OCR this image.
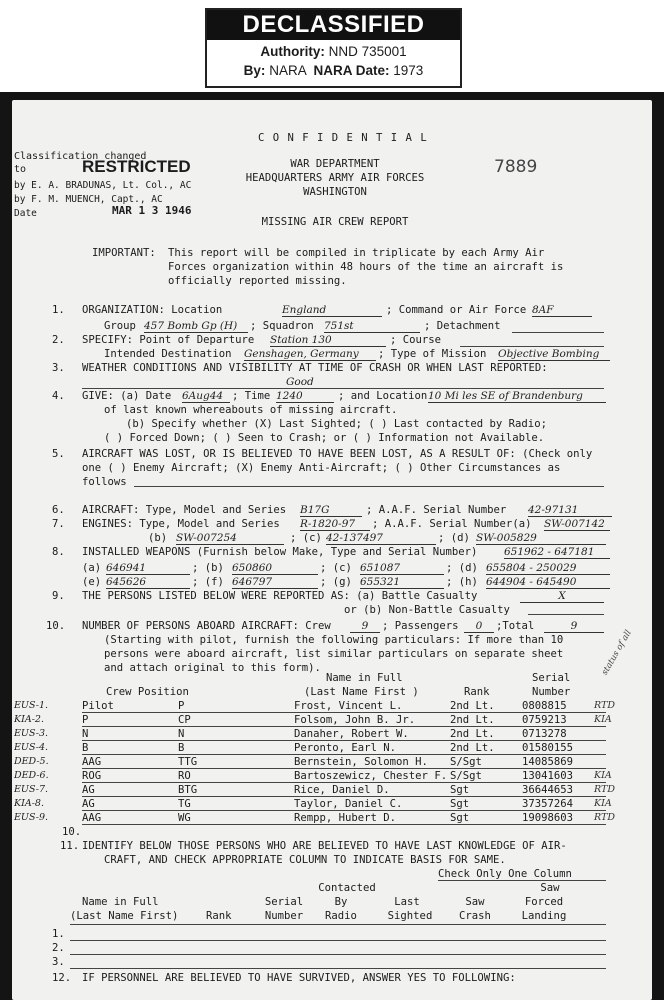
DECLASSIFIED
Authority: NND 735001
By: NARA NARA Date: 1973
C O N F I D E N T I A L
Classification changed
to	RESTRICTED
by E. A. BRADUNAS, Lt. Col., AC
by F. M. MUENCH, Capt., AC
Date	MAR 1 3 1946
WAR DEPARTMENT
HEADQUARTERS ARMY AIR FORCES
WASHINGTON
MISSING AIR CREW REPORT
7889
IMPORTANT: This report will be compiled in triplicate by each Army Air
Forces organization within 48 hours of the time an aircraft is
officially reported missing.
1. ORGANIZATION: Location	England	; Command or Air Force 8AF
Group 457 Bomb Gp (H)	; Squadron 751st	; Detachment
2. SPECIFY: Point of Departure Station 130	; Course
Intended Destination Genshagen, Germany	; Type of Mission Objective Bombing
3. WEATHER CONDITIONS AND VISIBILITY AT TIME OF CRASH OR WHEN LAST REPORTED:
Good
4. GIVE: (a) Date 6Aug44 ; Time 1240	; and Location 10 Mi les SE of Brandenburg
of last known whereabouts of missing aircraft.
(b) Specify whether (X) Last Sighted; ( ) Last contacted by Radio;
( ) Forced Down; ( ) Seen to Crash; or ( ) Information not Available.
5. AIRCRAFT WAS LOST, OR IS BELIEVED TO HAVE BEEN LOST, AS A RESULT OF: (Check only
one ( ) Enemy Aircraft; (X) Enemy Anti-Aircraft; ( ) Other Circumstances as
follows
6. AIRCRAFT: Type, Model and Series B17G	; A.A.F. Serial Number 42-97131
7. ENGINES: Type, Model and Series R-1820-97	; A.A.F. Serial Number(a) SW-007142
(b) SW-007254	; (c) 42-137497	; (d) SW-005829
8. INSTALLED WEAPONS (Furnish below Make, Type and Serial Number)	651962 - 647181
(a) 646941	; (b) 650860	; (c) 651087	; (d) 655804 - 250029
(e) 645626	; (f) 646797	; (g) 655321	; (h) 644904 - 645490
9. THE PERSONS LISTED BELOW WERE REPORTED AS: (a) Battle Casualty	X
or (b) Non-Battle Casualty
10. NUMBER OF PERSONS ABOARD AIRCRAFT: Crew	9	; Passengers	0	;Total	9
(Starting with pilot, furnish the following particulars: If more than 10
persons were aboard aircraft, list similar particulars on separate sheet
and attach original to this form).	status of all
Name in Full	Serial
Crew Position	(Last Name First )	Rank	Number
EUS-1.	Pilot	P	Frost, Vincent L.	2nd Lt.	0808815	RTD
KIA-2.	P	CP	Folsom, John B. Jr.	2nd Lt.	0759213	KIA
EUS-3.	N	N	Danaher, Robert W.	2nd Lt.	0713278
EUS-4.	B	B	Peronto, Earl N.	2nd Lt.	01580155
DED-5.	AAG	TTG	Bernstein, Solomon H. S/Sgt	14085869
DED-6.	ROG	RO	Bartoszewicz, Chester F. S/Sgt	13041603 KIA
EUS-7.	AG	BTG	Rice, Daniel D.	Sgt	36644653 RTD
KIA-8.	AG	TG	Taylor, Daniel C.	Sgt	37357264 KIA
EUS-9.	AAG	WG	Rempp, Hubert D.	Sgt	19098603 RTD
10.
11. IDENTIFY BELOW THOSE PERSONS WHO ARE BELIEVED TO HAVE LAST KNOWLEDGE OF AIR-
CRAFT, AND CHECK APPROPRIATE COLUMN TO INDICATE BASIS FOR SAME.
Check Only One Column
Contacted	Saw
Name in Full	Serial	By	Last	Saw	Forced
(Last Name First)	Rank	Number	Radio	Sighted	Crash	Landing
1.
2.
3.
12. IF PERSONNEL ARE BELIEVED TO HAVE SURVIVED, ANSWER YES TO FOLLOWING:
